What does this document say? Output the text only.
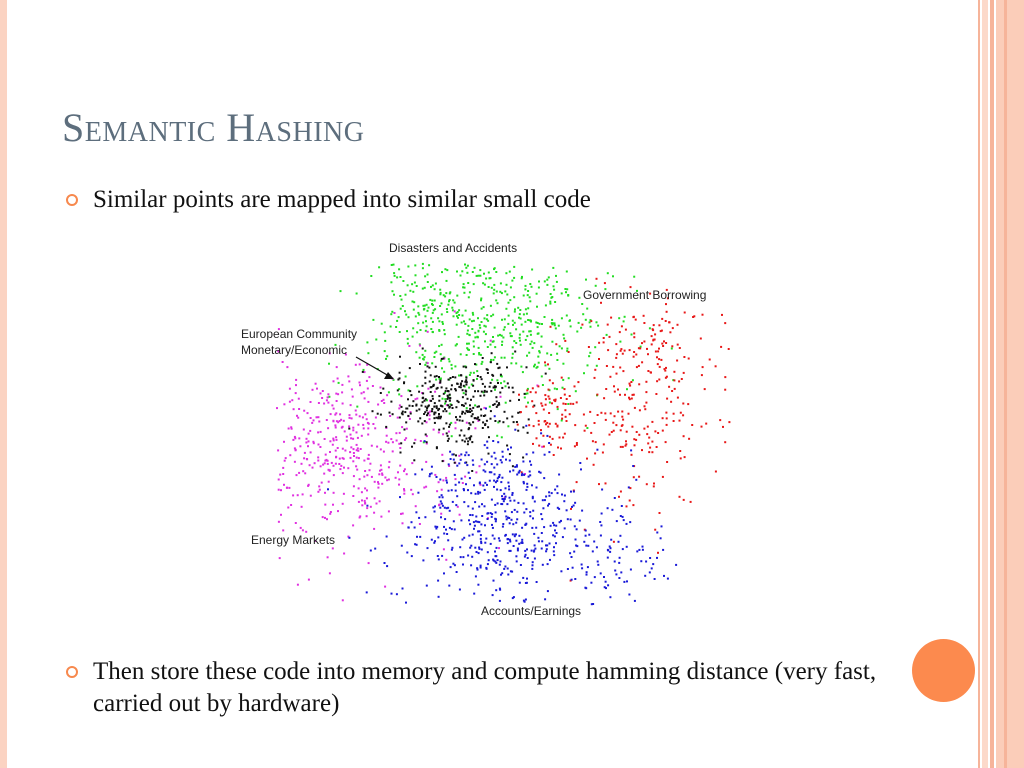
Semantic Hashing
Similar points are mapped into similar small code
Disasters and Accidents
Government Borrowing
European Community
Monetary/Economic
Energy Markets
Accounts/Earnings
Then store these code into memory and compute hamming distance (very fast, carried out by hardware)
